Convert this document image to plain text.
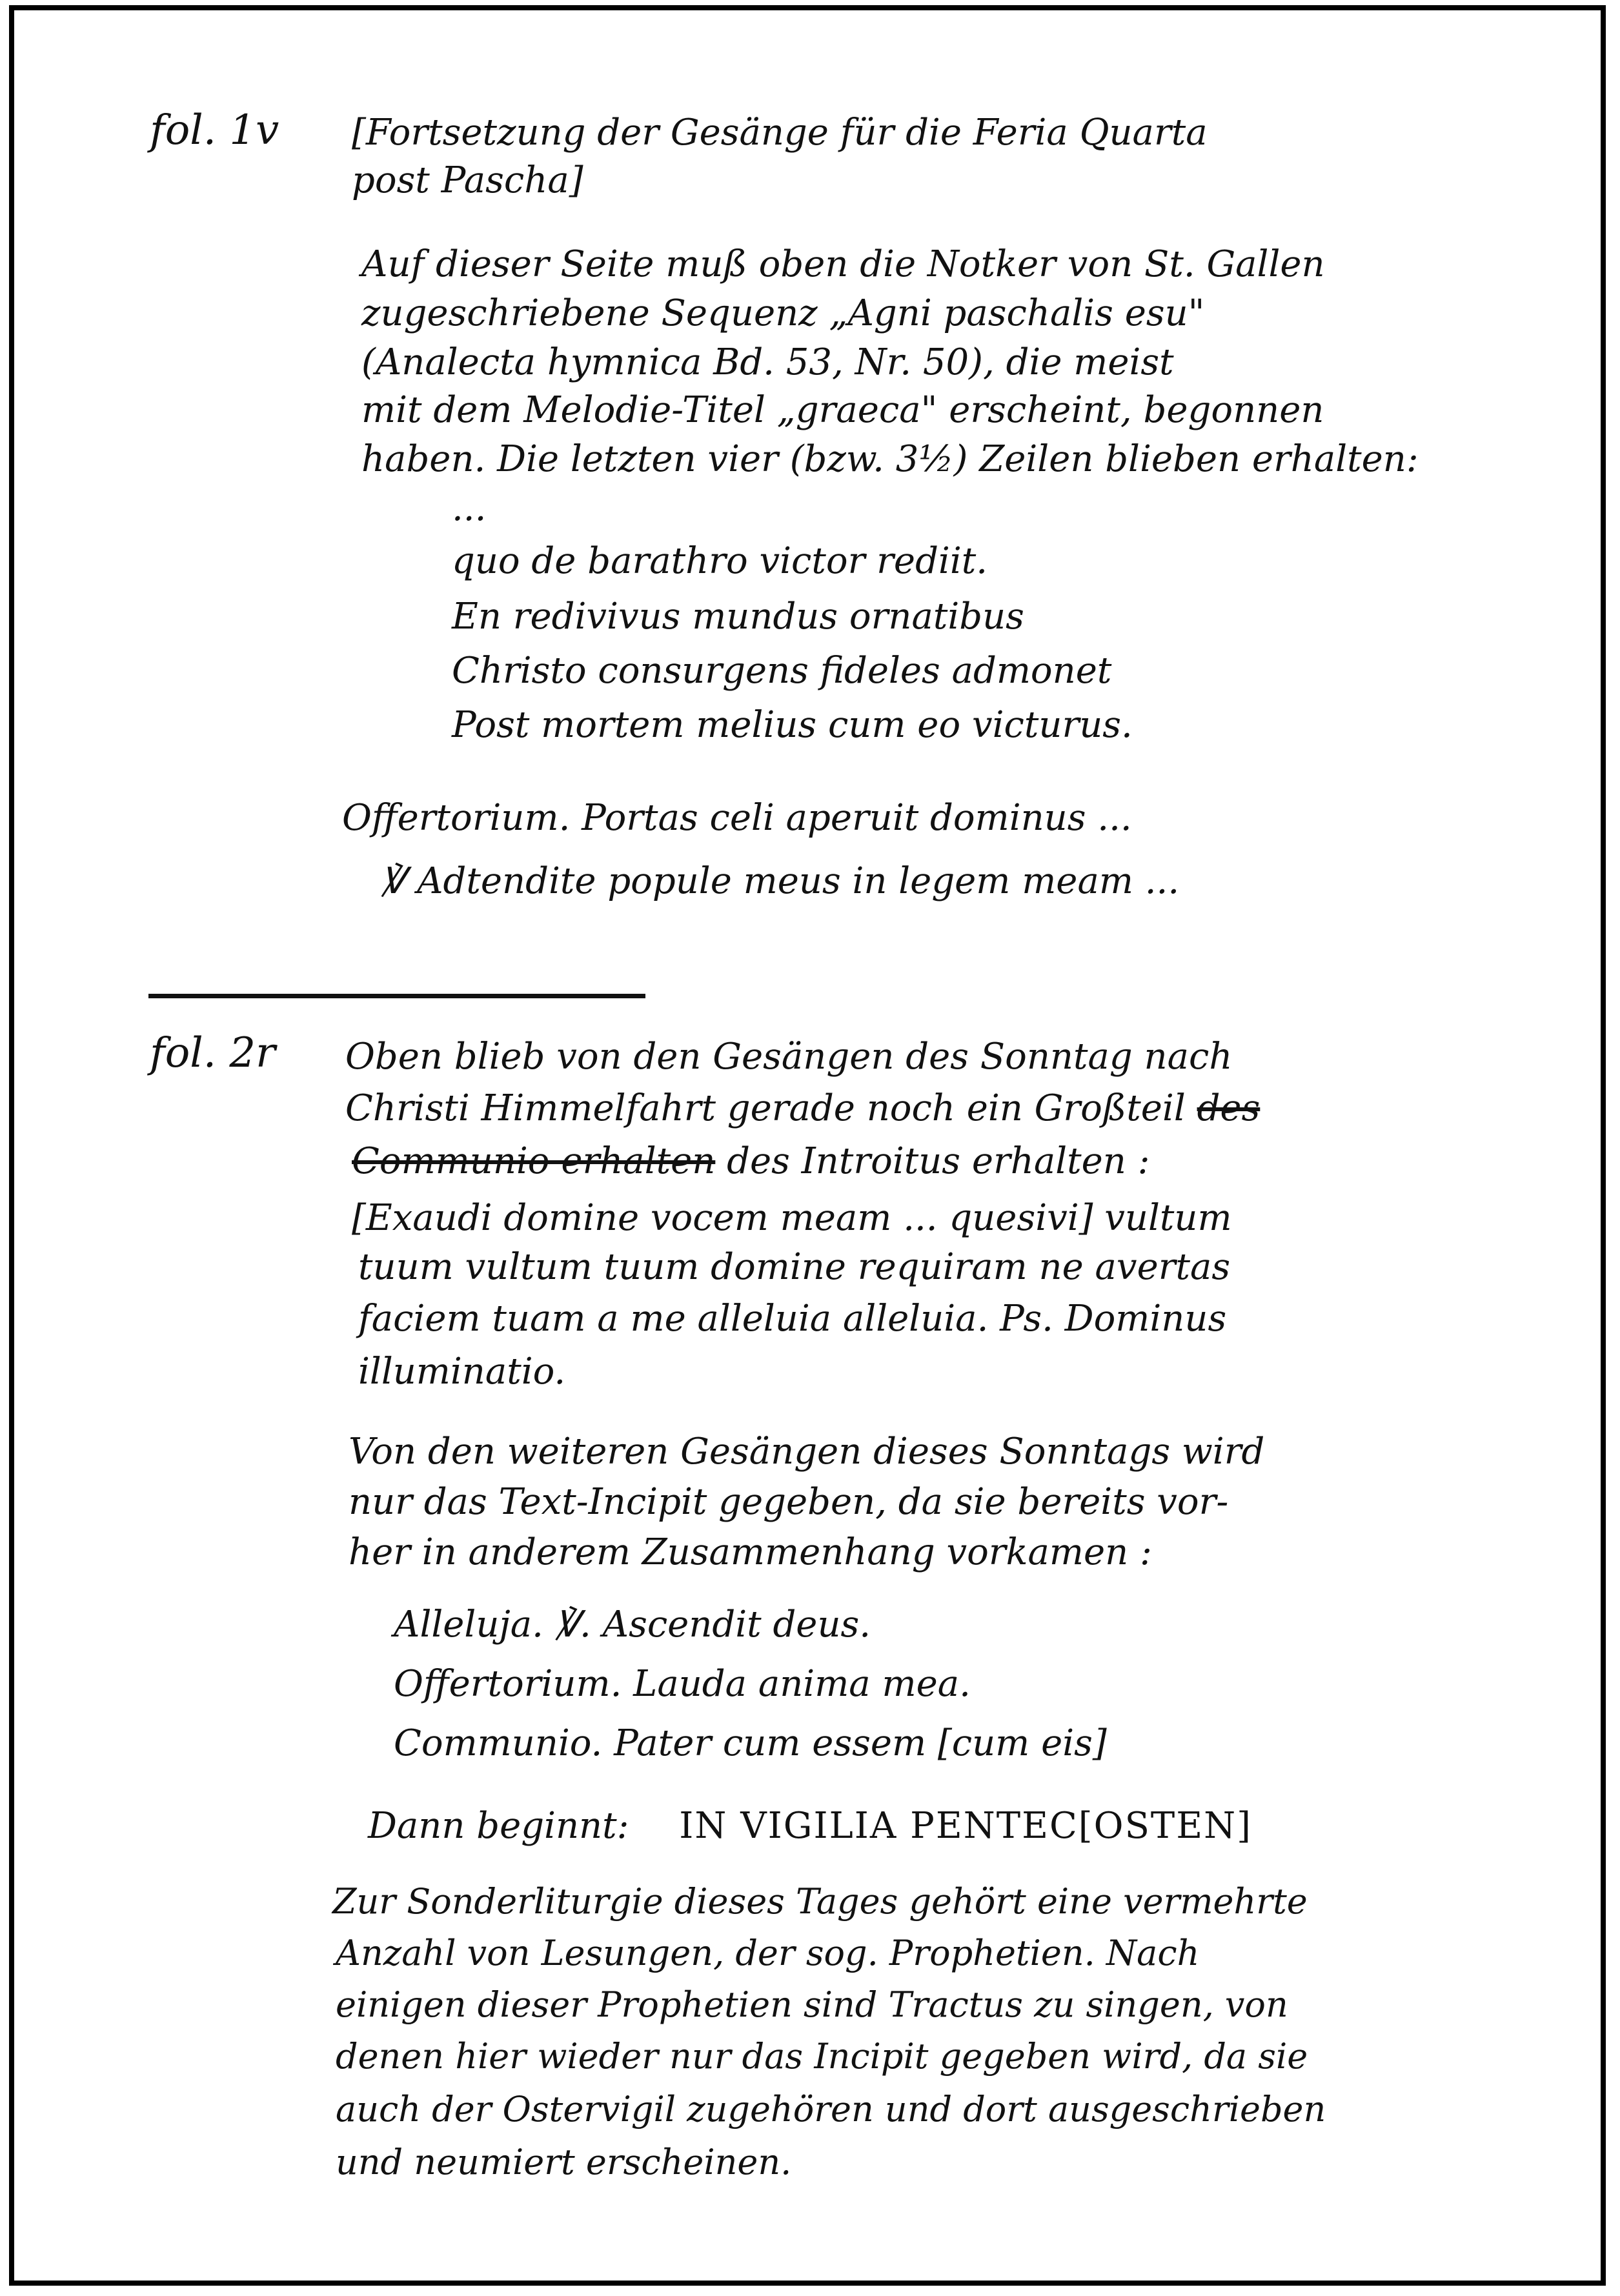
fol. 1v [Fortsetzung der Gesänge für die Feria Quarta
post Pascha]
Auf dieser Seite muß oben die Notker von St. Gallen
zugeschriebene Sequenz „Agni paschalis esu"
(Analecta hymnica Bd. 53, Nr. 50), die meist
mit dem Melodie-Titel „graeca" erscheint, begonnen
haben. Die letzten vier (bzw. 3½) Zeilen blieben erhalten:
...
quo de barathro victor rediit.
En redivivus mundus ornatibus
Christo consurgens fideles admonet
Post mortem melius cum eo victurus.
Offertorium. Portas celi aperuit dominus ...
℣ Adtendite popule meus in legem meam ...
fol. 2r Oben blieb von den Gesängen des Sonntag nach
Christi Himmelfahrt gerade noch ein Großteil des
Communio erhalten des Introitus erhalten :
[Exaudi domine vocem meam ... quesivi] vultum
tuum vultum tuum domine requiram ne avertas
faciem tuam a me alleluia alleluia. Ps. Dominus
illuminatio.
Von den weiteren Gesängen dieses Sonntags wird
nur das Text-Incipit gegeben, da sie bereits vor-
her in anderem Zusammenhang vorkamen :
Alleluja. ℣. Ascendit deus.
Offertorium. Lauda anima mea.
Communio. Pater cum essem [cum eis]
Dann beginnt: IN VIGILIA PENTEC[OSTEN]
Zur Sonderliturgie dieses Tages gehört eine vermehrte
Anzahl von Lesungen, der sog. Prophetien. Nach
einigen dieser Prophetien sind Tractus zu singen, von
denen hier wieder nur das Incipit gegeben wird, da sie
auch der Ostervigil zugehören und dort ausgeschrieben
und neumiert erscheinen.
